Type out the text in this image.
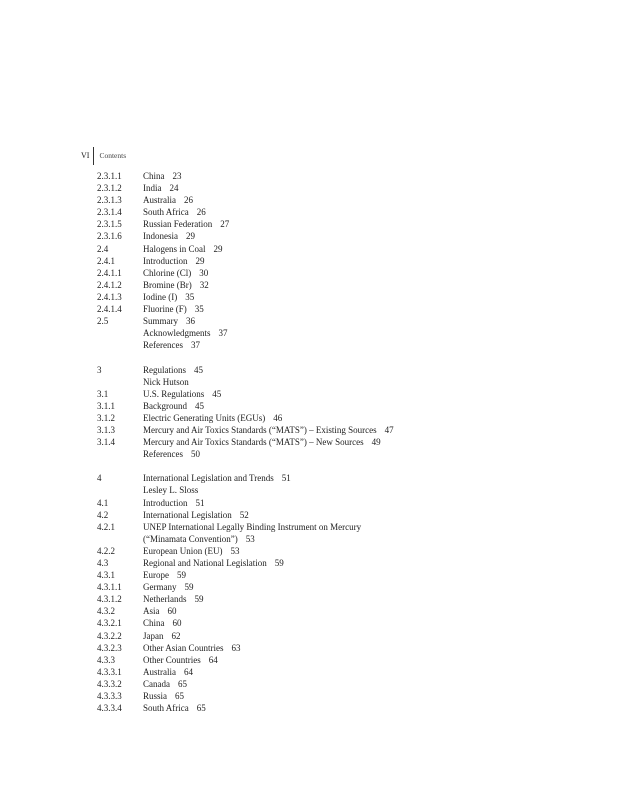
VI	Contents
2.3.1.1	China 23
2.3.1.2	India 24
2.3.1.3	Australia 26
2.3.1.4	South Africa 26
2.3.1.5	Russian Federation 27
2.3.1.6	Indonesia 29
2.4	Halogens in Coal 29
2.4.1	Introduction 29
2.4.1.1	Chlorine (Cl) 30
2.4.1.2	Bromine (Br) 32
2.4.1.3	Iodine (I) 35
2.4.1.4	Fluorine (F) 35
2.5	Summary 36
Acknowledgments 37
References 37
3	Regulations 45
Nick Hutson
3.1	U.S. Regulations 45
3.1.1	Background 45
3.1.2	Electric Generating Units (EGUs) 46
3.1.3	Mercury and Air Toxics Standards (“MATS”) – Existing Sources 47
3.1.4	Mercury and Air Toxics Standards (“MATS”) – New Sources 49
References 50
4	International Legislation and Trends 51
Lesley L. Sloss
4.1	Introduction 51
4.2	International Legislation 52
4.2.1	UNEP International Legally Binding Instrument on Mercury
(“Minamata Convention”) 53
4.2.2	European Union (EU) 53
4.3	Regional and National Legislation 59
4.3.1	Europe 59
4.3.1.1	Germany 59
4.3.1.2	Netherlands 59
4.3.2	Asia 60
4.3.2.1	China 60
4.3.2.2	Japan 62
4.3.2.3	Other Asian Countries 63
4.3.3	Other Countries 64
4.3.3.1	Australia 64
4.3.3.2	Canada 65
4.3.3.3	Russia 65
4.3.3.4	South Africa 65
